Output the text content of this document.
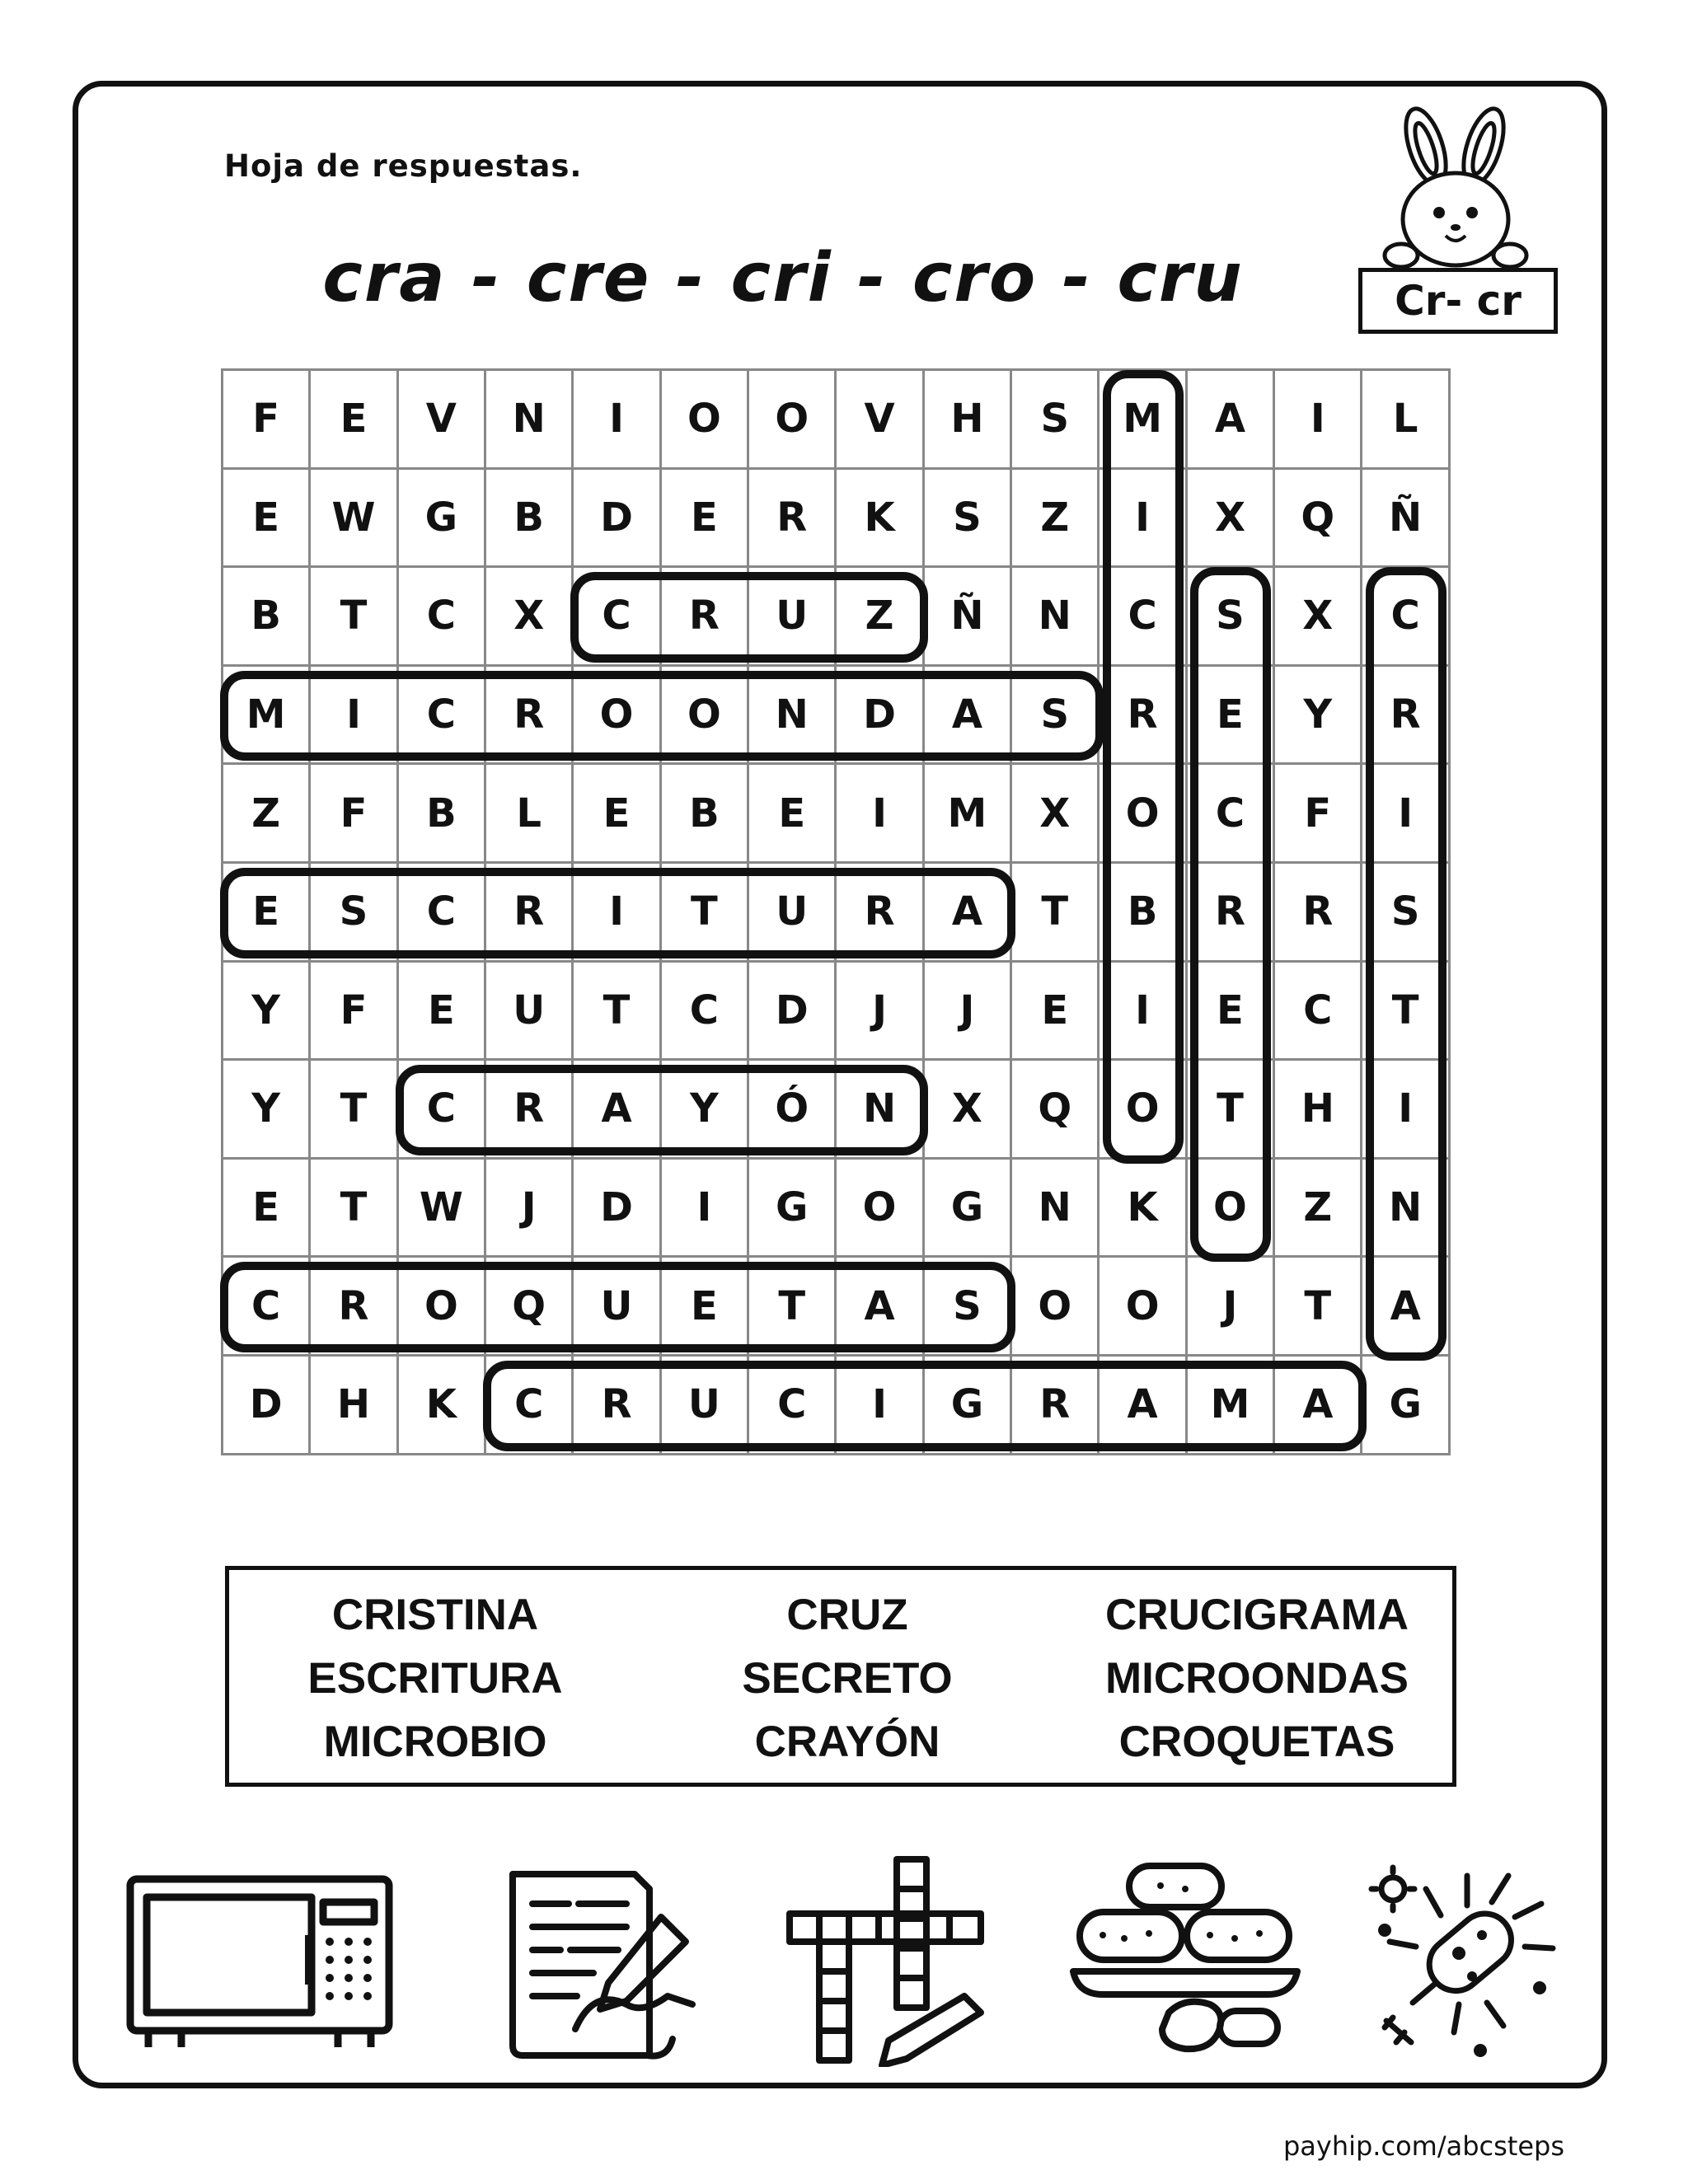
Hoja de respuestas.
cra - cre - cri - cro - cru	Cr- cr
F	E	V	N	I	O	O	V	H	S	M	A	I	L
E	W	G	B	D	E	R	K	S	Z	I	X	Q	Ñ
B	T	C	X	C	R	U	Z	Ñ	N	C	S	X	C
M	I	C	R	O	O	N	D	A	S	R	E	Y	R
Z	F	B	L	E	B	E	I	M	X	O	C	F	I
E	S	C	R	I	T	U	R	A	T	B	R	R	S
Y	F	E	U	T	C	D	J	J	E	I	E	C	T
Y	T	C	R	A	Y	Ó	N	X	Q	O	T	H	I
E	T	W	J	D	I	G	O	G	N	K	O	Z	N
C	R	O	Q	U	E	T	A	S	O	O	J	T	A
D	H	K	C	R	U	C	I	G	R	A	M	A	G
CRISTINA
ESCRITURA
MICROBIO
CRUZ
SECRETO
CRAYÓN
CRUCIGRAMA
MICROONDAS
CROQUETAS
payhip.com/abcsteps
